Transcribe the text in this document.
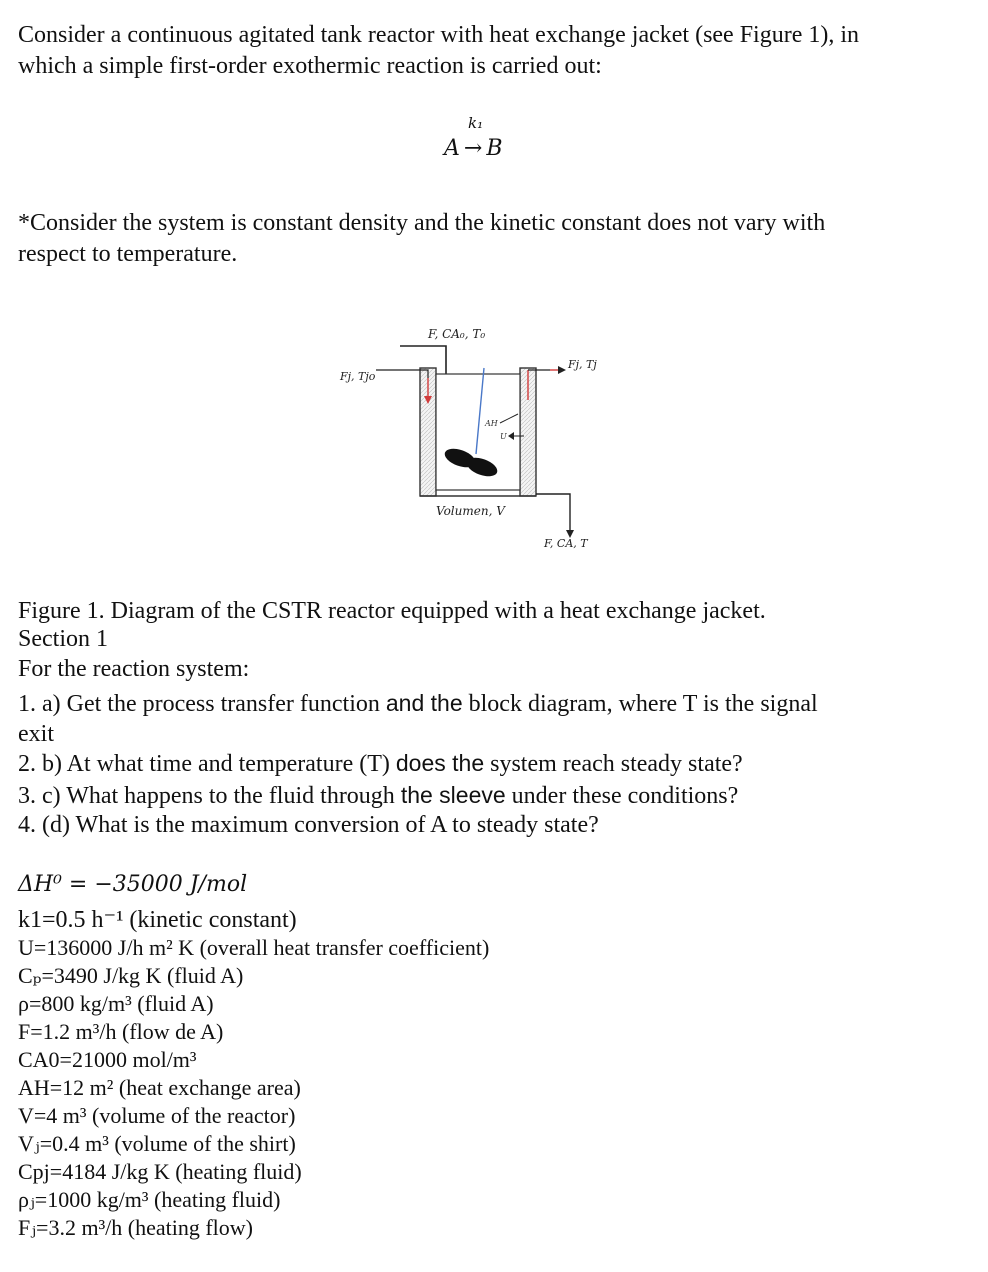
Consider a continuous agitated tank reactor with heat exchange jacket (see Figure 1), in
which a simple first-order exothermic reaction is carried out:

k₁
A → B

*Consider the system is constant density and the kinetic constant does not vary with
respect to temperature.

F, CA₀, T₀
Fj, Tjo
Fj, Tj
AH
U
Volumen, V
F, CA, T

Figure 1. Diagram of the CSTR reactor equipped with a heat exchange jacket.

Section 1

For the reaction system:

1. a) Get the process transfer function and the block diagram, where T is the signal
exit

2. b) At what time and temperature (T) does the system reach steady state?

3. c) What happens to the fluid through the sleeve under these conditions?

4. (d) What is the maximum conversion of A to steady state?

ΔH⁰ = −35000 J/mol

k1=0.5 h⁻¹ (kinetic constant)
U=136000 J/h m² K (overall heat transfer coefficient)
Cₚ=3490 J/kg K (fluid A)
ρ=800 kg/m³ (fluid A)
F=1.2 m³/h (flow de A)
CA0=21000 mol/m³
AH=12 m² (heat exchange area)
V=4 m³ (volume of the reactor)
Vⱼ=0.4 m³ (volume of the shirt)
Cpj=4184 J/kg K (heating fluid)
ρⱼ=1000 kg/m³ (heating fluid)
Fⱼ=3.2 m³/h (heating flow)
